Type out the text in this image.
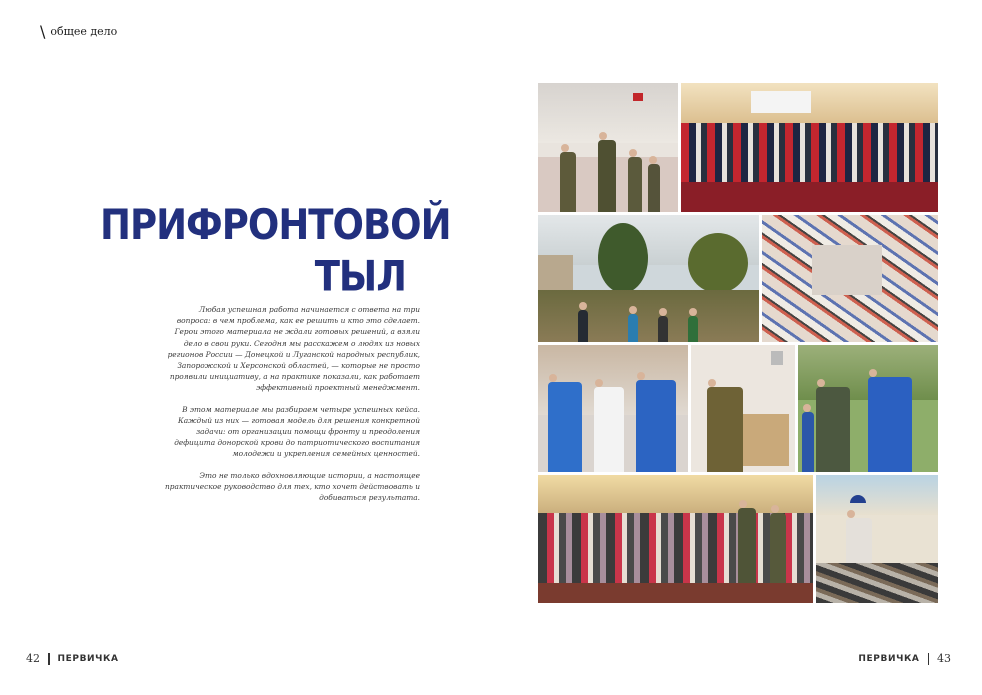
\ общее дело
ПРИФРОНТОВОЙ
ТЫЛ

Любая успешная работа начинается с ответа на три вопроса: в чем проблема, как ее решить и кто это сделает. Герои этого материала не ждали готовых решений, а взяли дело в свои руки. Сегодня мы расскажем о людях из новых регионов России — Донецкой и Луганской народных республик, Запорожской и Херсонской областей, — которые не просто проявили инициативу, а на практике показали, как работает эффективный проектный менеджмент.

В этом материале мы разбираем четыре успешных кейса. Каждый из них — готовая модель для решения конкретной задачи: от организации помощи фронту и преодоления дефицита донорской крови до патриотического воспитания молодежи и укрепления семейных ценностей.

Это не только вдохновляющие истории, а настоящее практическое руководство для тех, кто хочет действовать и добиваться результата.

42 ПЕРВИЧКА	ПЕРВИЧКА 43
